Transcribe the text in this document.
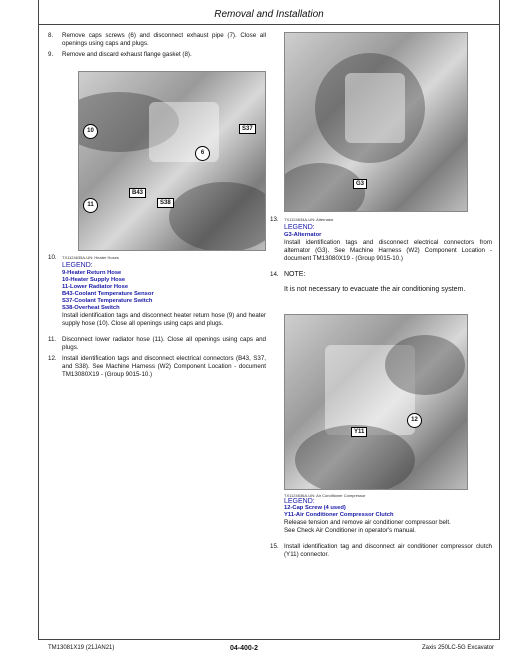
Removal and Installation
8.	Remove caps screws (6) and disconnect exhaust pipe (7). Close all openings using caps and plugs.
9.	Remove and discard exhaust flange gasket (8).
10
6
11
S37
B43
S38
10.	TX1124635A-UN: Heater Hoses
LEGEND:
9-Heater Return Hose
10-Heater Supply Hose
11-Lower Radiator Hose
B43-Coolant Temperature Sensor
S37-Coolant Temperature Switch
S38-Overheat Switch
Install identification tags and disconnect heater return hose (9) and heater supply hose (10). Close all openings using caps and plugs.
11. Disconnect lower radiator hose (11). Close all openings using caps and plugs.
12. Install identification tags and disconnect electrical connectors (B43, S37, and S38). See Machine Harness (W2) Component Location - document TM13080X19 - (Group 9015-10.)
G3
13.	TX1124634A-UN: Alternator
LEGEND:
G3-Alternator
Install identification tags and disconnect electrical connectors from alternator (G3). See Machine Harness (W2) Component Location - document TM13080X19 - (Group 9015-10.)
14. NOTE:
It is not necessary to evacuate the air conditioning system.
12
Y11
TX1124636A-UN: Air Conditioner Compressor
LEGEND:
12-Cap Screw (4 used)
Y11-Air Conditioner Compressor Clutch
Release tension and remove air conditioner compressor belt.
See Check Air Conditioner in operator's manual.
15. Install identification tag and disconnect air conditioner compressor clutch (Y11) connector.
TM13081X19 (21JAN21)	04-400-2	Zaxis 250LC-5G Excavator
